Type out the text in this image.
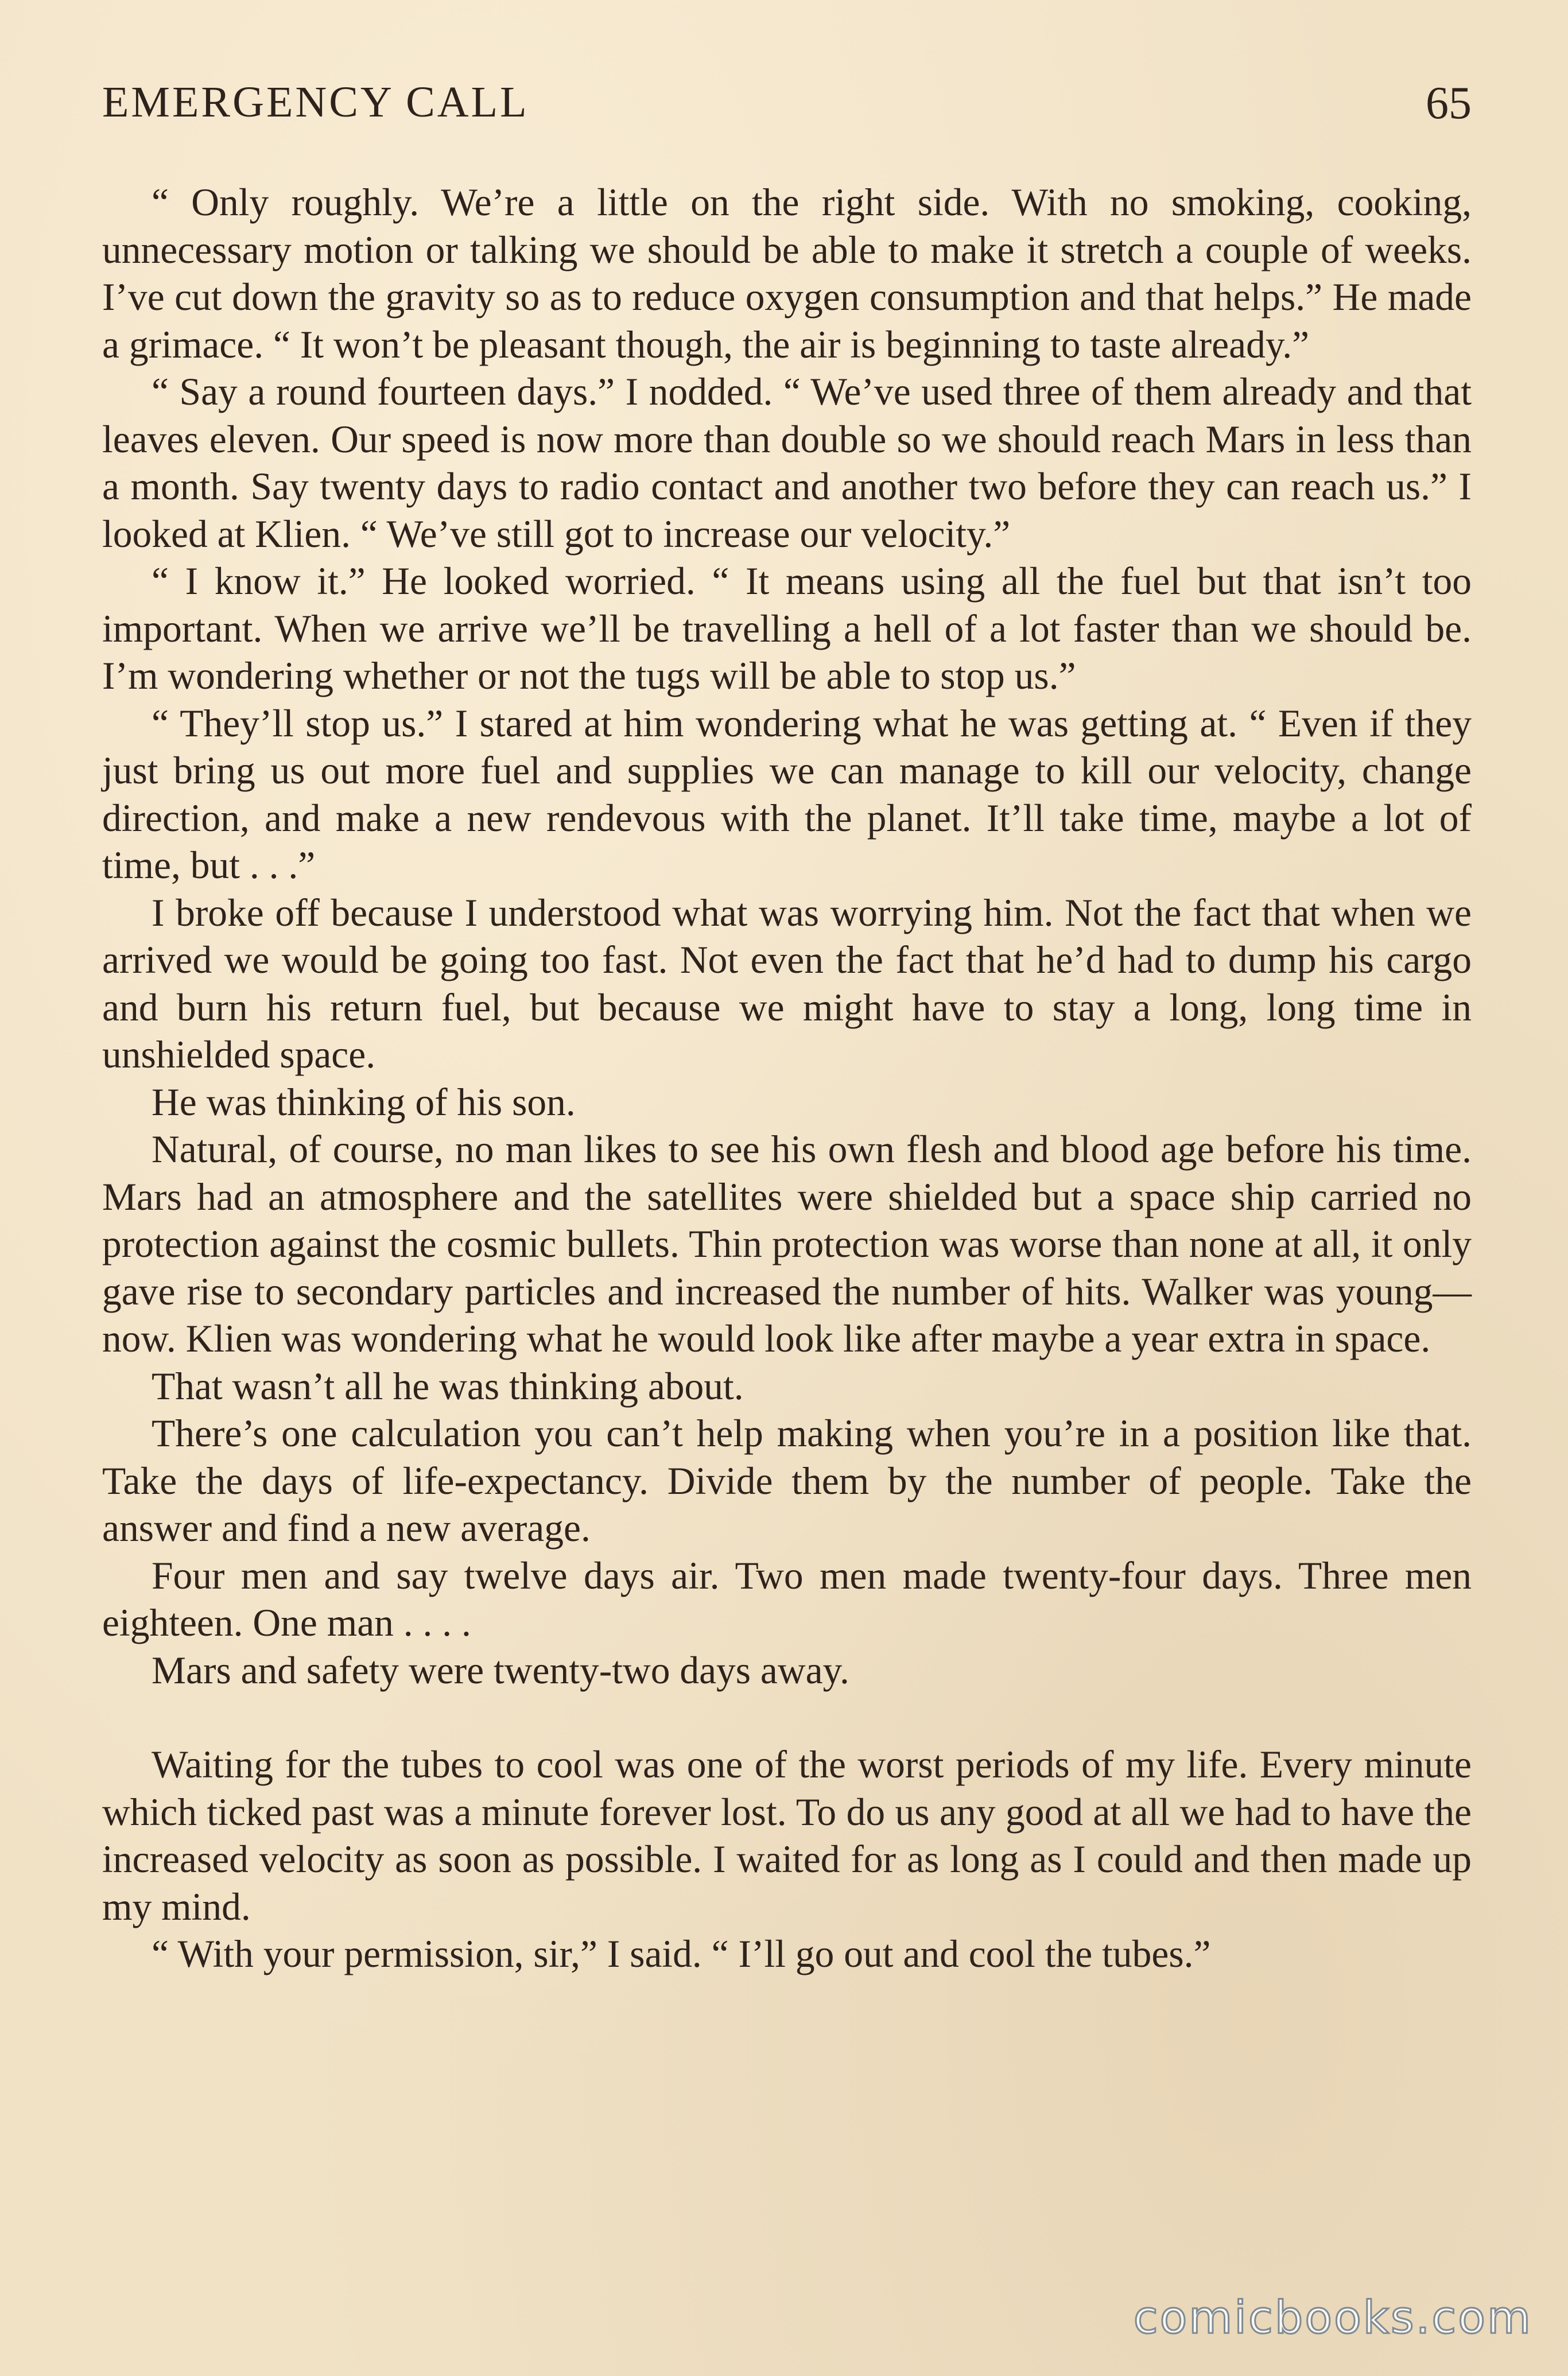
EMERGENCY CALL	65

“ Only roughly. We’re a little on the right side. With no smoking, cooking, unnecessary motion or talking we should be able to make it stretch a couple of weeks. I’ve cut down the gravity so as to reduce oxygen consumption and that helps.” He made a grimace. “ It won’t be pleasant though, the air is beginning to taste already.”

“ Say a round fourteen days.” I nodded. “ We’ve used three of them already and that leaves eleven. Our speed is now more than double so we should reach Mars in less than a month. Say twenty days to radio contact and another two before they can reach us.” I looked at Klien. “ We’ve still got to increase our velocity.”

“ I know it.” He looked worried. “ It means using all the fuel but that isn’t too important. When we arrive we’ll be travelling a hell of a lot faster than we should be. I’m wondering whether or not the tugs will be able to stop us.”

“ They’ll stop us.” I stared at him wondering what he was getting at. “ Even if they just bring us out more fuel and supplies we can manage to kill our velocity, change direction, and make a new rendevous with the planet. It’ll take time, maybe a lot of time, but . . .”

I broke off because I understood what was worrying him. Not the fact that when we arrived we would be going too fast. Not even the fact that he’d had to dump his cargo and burn his return fuel, but because we might have to stay a long, long time in unshielded space.

He was thinking of his son.

Natural, of course, no man likes to see his own flesh and blood age before his time. Mars had an atmosphere and the satellites were shielded but a space ship carried no protection against the cosmic bullets. Thin protection was worse than none at all, it only gave rise to secondary particles and increased the number of hits. Walker was young—now. Klien was wondering what he would look like after maybe a year extra in space.

That wasn’t all he was thinking about.

There’s one calculation you can’t help making when you’re in a position like that. Take the days of life-expectancy. Divide them by the number of people. Take the answer and find a new average.

Four men and say twelve days air. Two men made twenty-four days. Three men eighteen. One man . . . .

Mars and safety were twenty-two days away.

Waiting for the tubes to cool was one of the worst periods of my life. Every minute which ticked past was a minute forever lost. To do us any good at all we had to have the increased velocity as soon as possible. I waited for as long as I could and then made up my mind.

“ With your permission, sir,” I said. “ I’ll go out and cool the tubes.”

comicbooks.com
